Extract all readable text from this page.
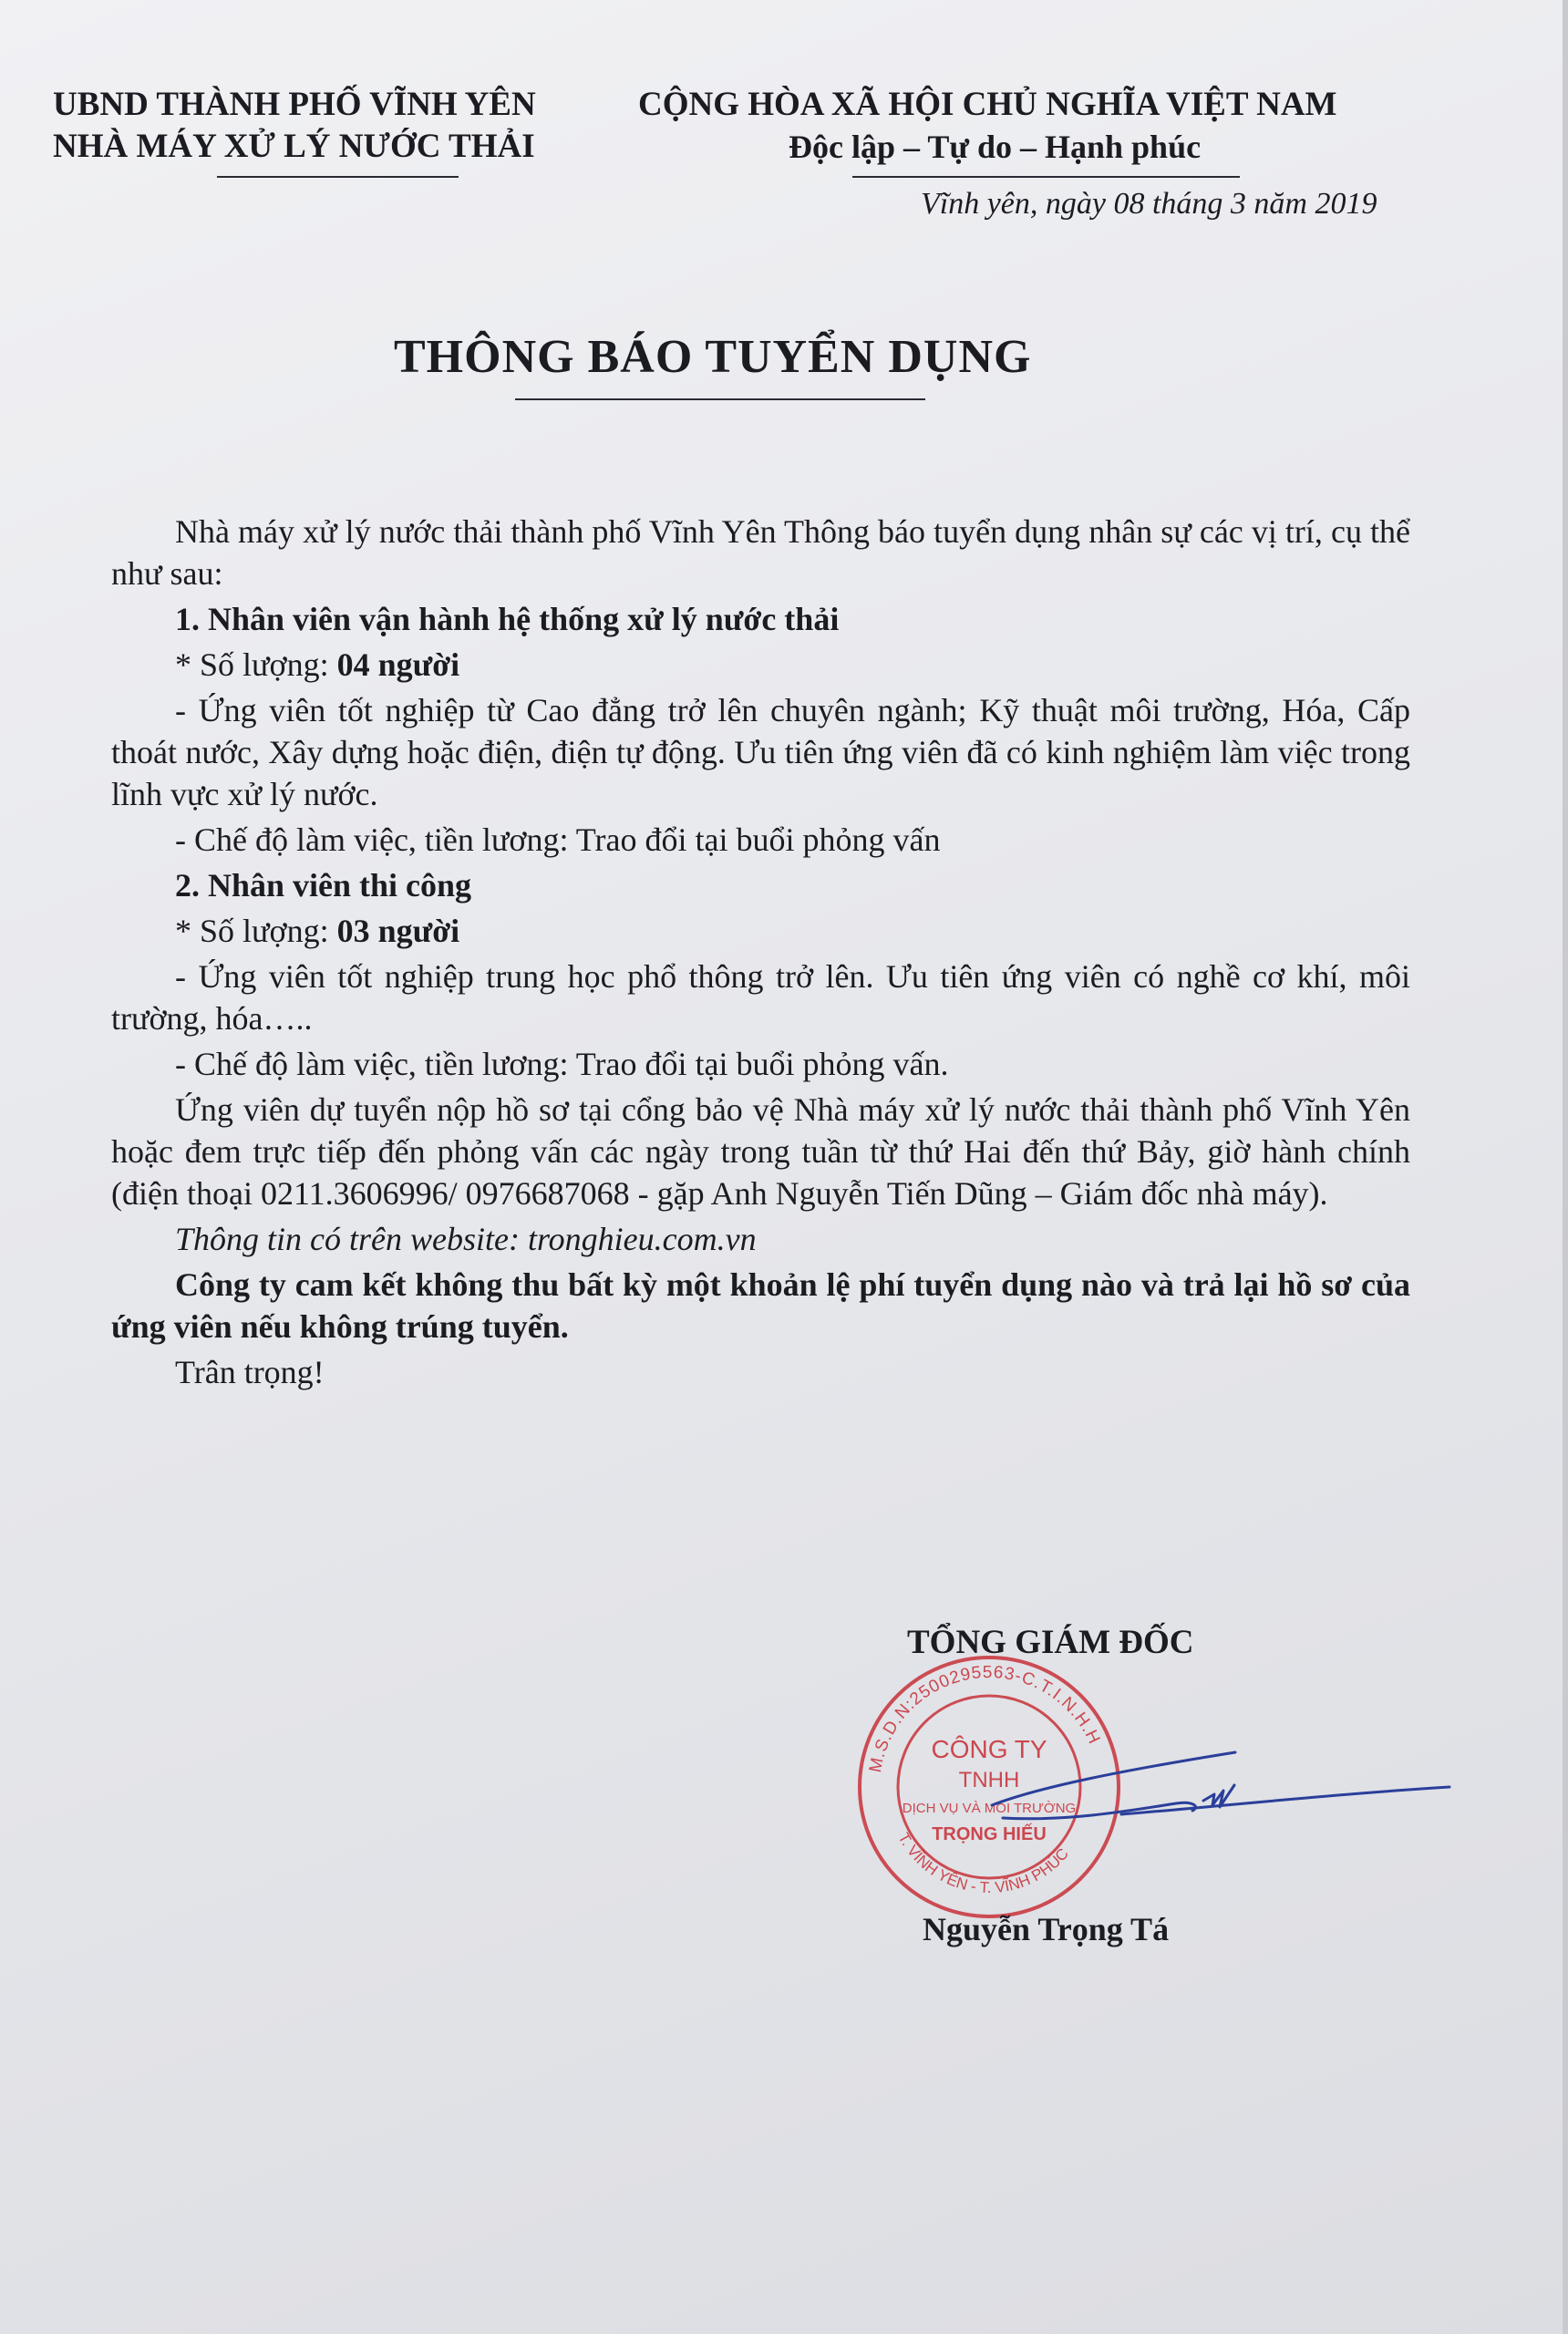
UBND THÀNH PHỐ VĨNH YÊN
NHÀ MÁY XỬ LÝ NƯỚC THẢI
CỘNG HÒA XÃ HỘI CHỦ NGHĨA VIỆT NAM
Độc lập – Tự do – Hạnh phúc
Vĩnh yên, ngày 08 tháng 3 năm 2019
THÔNG BÁO TUYỂN DỤNG

Nhà máy xử lý nước thải thành phố Vĩnh Yên Thông báo tuyển dụng nhân sự các vị trí, cụ thể như sau:

1. Nhân viên vận hành hệ thống xử lý nước thải

* Số lượng: 04 người

- Ứng viên tốt nghiệp từ Cao đẳng trở lên chuyên ngành; Kỹ thuật môi trường, Hóa, Cấp thoát nước, Xây dựng hoặc điện, điện tự động. Ưu tiên ứng viên đã có kinh nghiệm làm việc trong lĩnh vực xử lý nước.

- Chế độ làm việc, tiền lương: Trao đổi tại buổi phỏng vấn

2. Nhân viên thi công

* Số lượng: 03 người

- Ứng viên tốt nghiệp trung học phổ thông trở lên. Ưu tiên ứng viên có nghề cơ khí, môi trường, hóa…..

- Chế độ làm việc, tiền lương: Trao đổi tại buổi phỏng vấn.

Ứng viên dự tuyển nộp hồ sơ tại cổng bảo vệ Nhà máy xử lý nước thải thành phố Vĩnh Yên hoặc đem trực tiếp đến phỏng vấn các ngày trong tuần từ thứ Hai đến thứ Bảy, giờ hành chính (điện thoại 0211.3606996/ 0976687068 - gặp Anh Nguyễn Tiến Dũng – Giám đốc nhà máy).

Thông tin có trên website: tronghieu.com.vn

Công ty cam kết không thu bất kỳ một khoản lệ phí tuyển dụng nào và trả lại hồ sơ của ứng viên nếu không trúng tuyển.

Trân trọng!

TỔNG GIÁM ĐỐC
M.S.D.N:2500295563-C.T.I.N.H.H
T. VĨNH YÊN - T. VĨNH PHÚC
CÔNG TY
TNHH
DỊCH VỤ VÀ MÔI TRƯỜNG
TRỌNG HIẾU
Nguyễn Trọng Tá
